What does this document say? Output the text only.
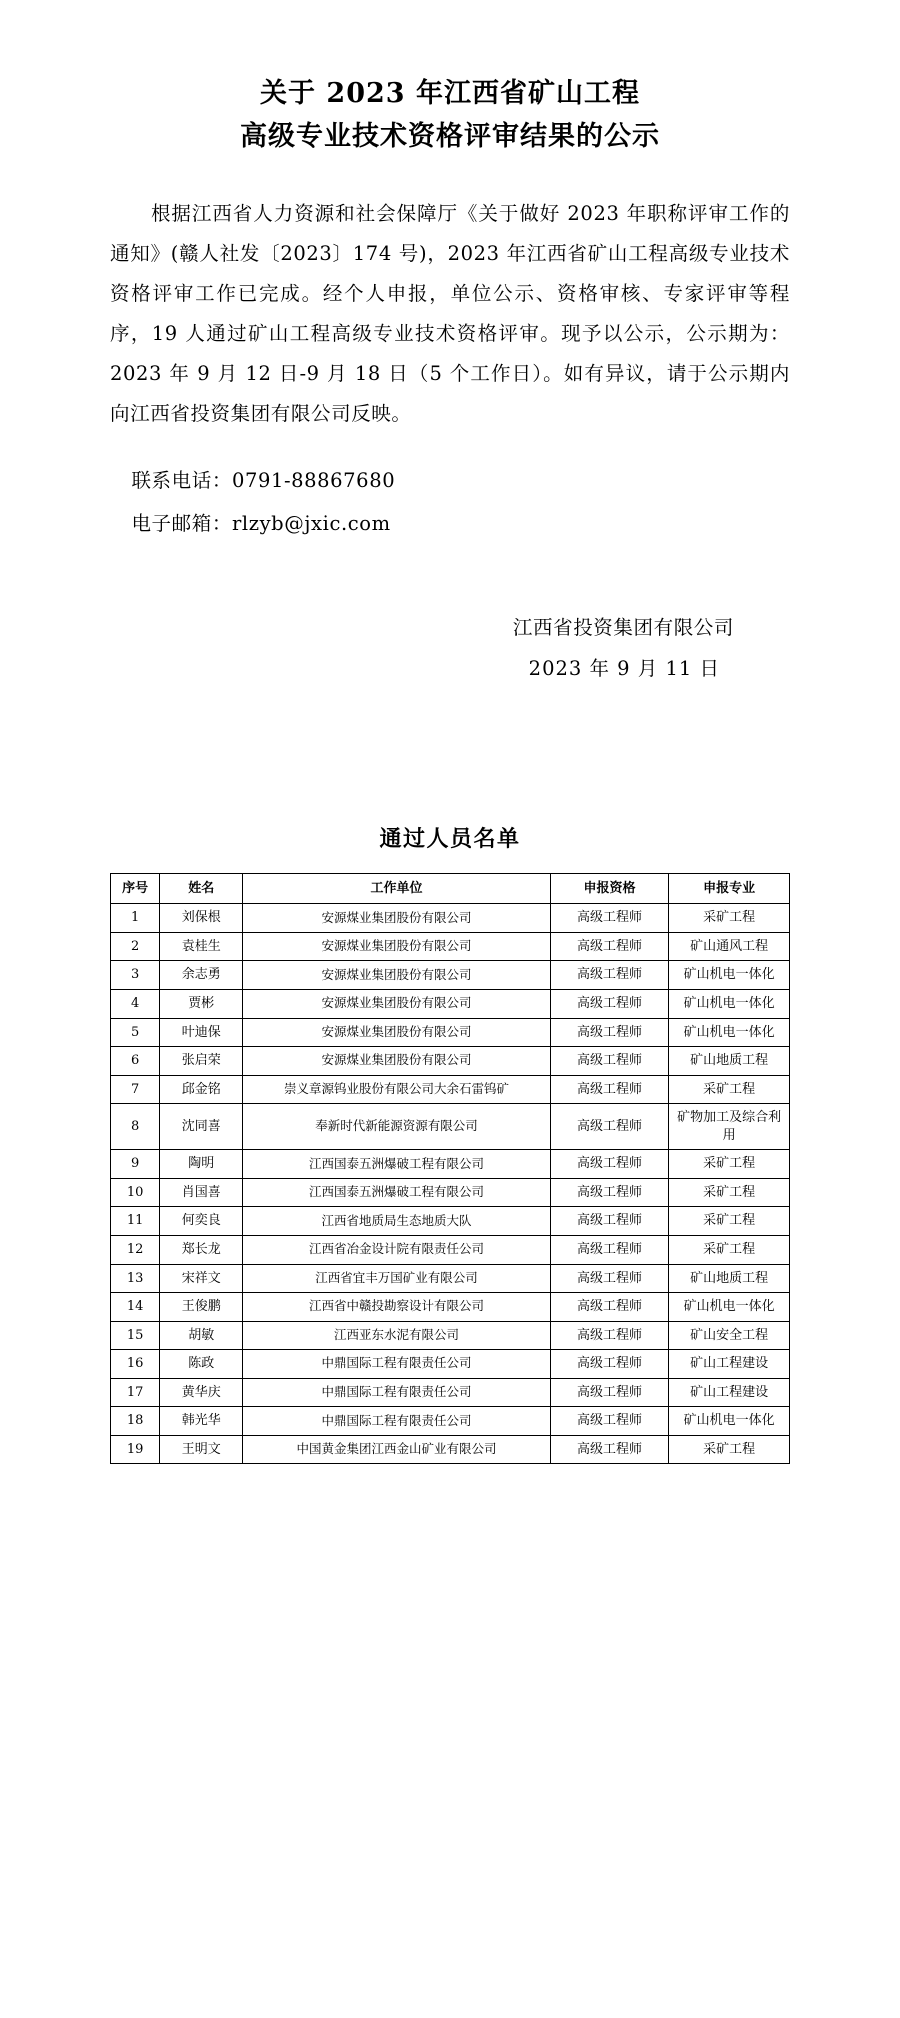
关于 2023 年江西省矿山工程
高级专业技术资格评审结果的公示

根据江西省人力资源和社会保障厅《关于做好 2023 年职称评审工作的通知》(赣人社发〔2023〕174 号)，2023 年江西省矿山工程高级专业技术资格评审工作已完成。经个人申报，单位公示、资格审核、专家评审等程序，19 人通过矿山工程高级专业技术资格评审。现予以公示，公示期为：2023 年 9 月 12 日-9 月 18 日（5 个工作日）。如有异议，请于公示期内向江西省投资集团有限公司反映。

联系电话：0791-88867680

电子邮箱：rlzyb@jxic.com

江西省投资集团有限公司

2023 年 9 月 11 日

通过人员名单
序号	姓名	工作单位	申报资格	申报专业
1	刘保根	安源煤业集团股份有限公司	高级工程师	采矿工程
2	袁桂生	安源煤业集团股份有限公司	高级工程师	矿山通风工程
3	余志勇	安源煤业集团股份有限公司	高级工程师	矿山机电一体化
4	贾彬	安源煤业集团股份有限公司	高级工程师	矿山机电一体化
5	叶迪保	安源煤业集团股份有限公司	高级工程师	矿山机电一体化
6	张启荣	安源煤业集团股份有限公司	高级工程师	矿山地质工程
7	邱金铭	崇义章源钨业股份有限公司大余石雷钨矿	高级工程师	采矿工程
8	沈同喜	奉新时代新能源资源有限公司	高级工程师	矿物加工及综合利用
9	陶明	江西国泰五洲爆破工程有限公司	高级工程师	采矿工程
10	肖国喜	江西国泰五洲爆破工程有限公司	高级工程师	采矿工程
11	何奕良	江西省地质局生态地质大队	高级工程师	采矿工程
12	郑长龙	江西省冶金设计院有限责任公司	高级工程师	采矿工程
13	宋祥文	江西省宜丰万国矿业有限公司	高级工程师	矿山地质工程
14	王俊鹏	江西省中赣投勘察设计有限公司	高级工程师	矿山机电一体化
15	胡敏	江西亚东水泥有限公司	高级工程师	矿山安全工程
16	陈政	中鼎国际工程有限责任公司	高级工程师	矿山工程建设
17	黄华庆	中鼎国际工程有限责任公司	高级工程师	矿山工程建设
18	韩光华	中鼎国际工程有限责任公司	高级工程师	矿山机电一体化
19	王明文	中国黄金集团江西金山矿业有限公司	高级工程师	采矿工程
